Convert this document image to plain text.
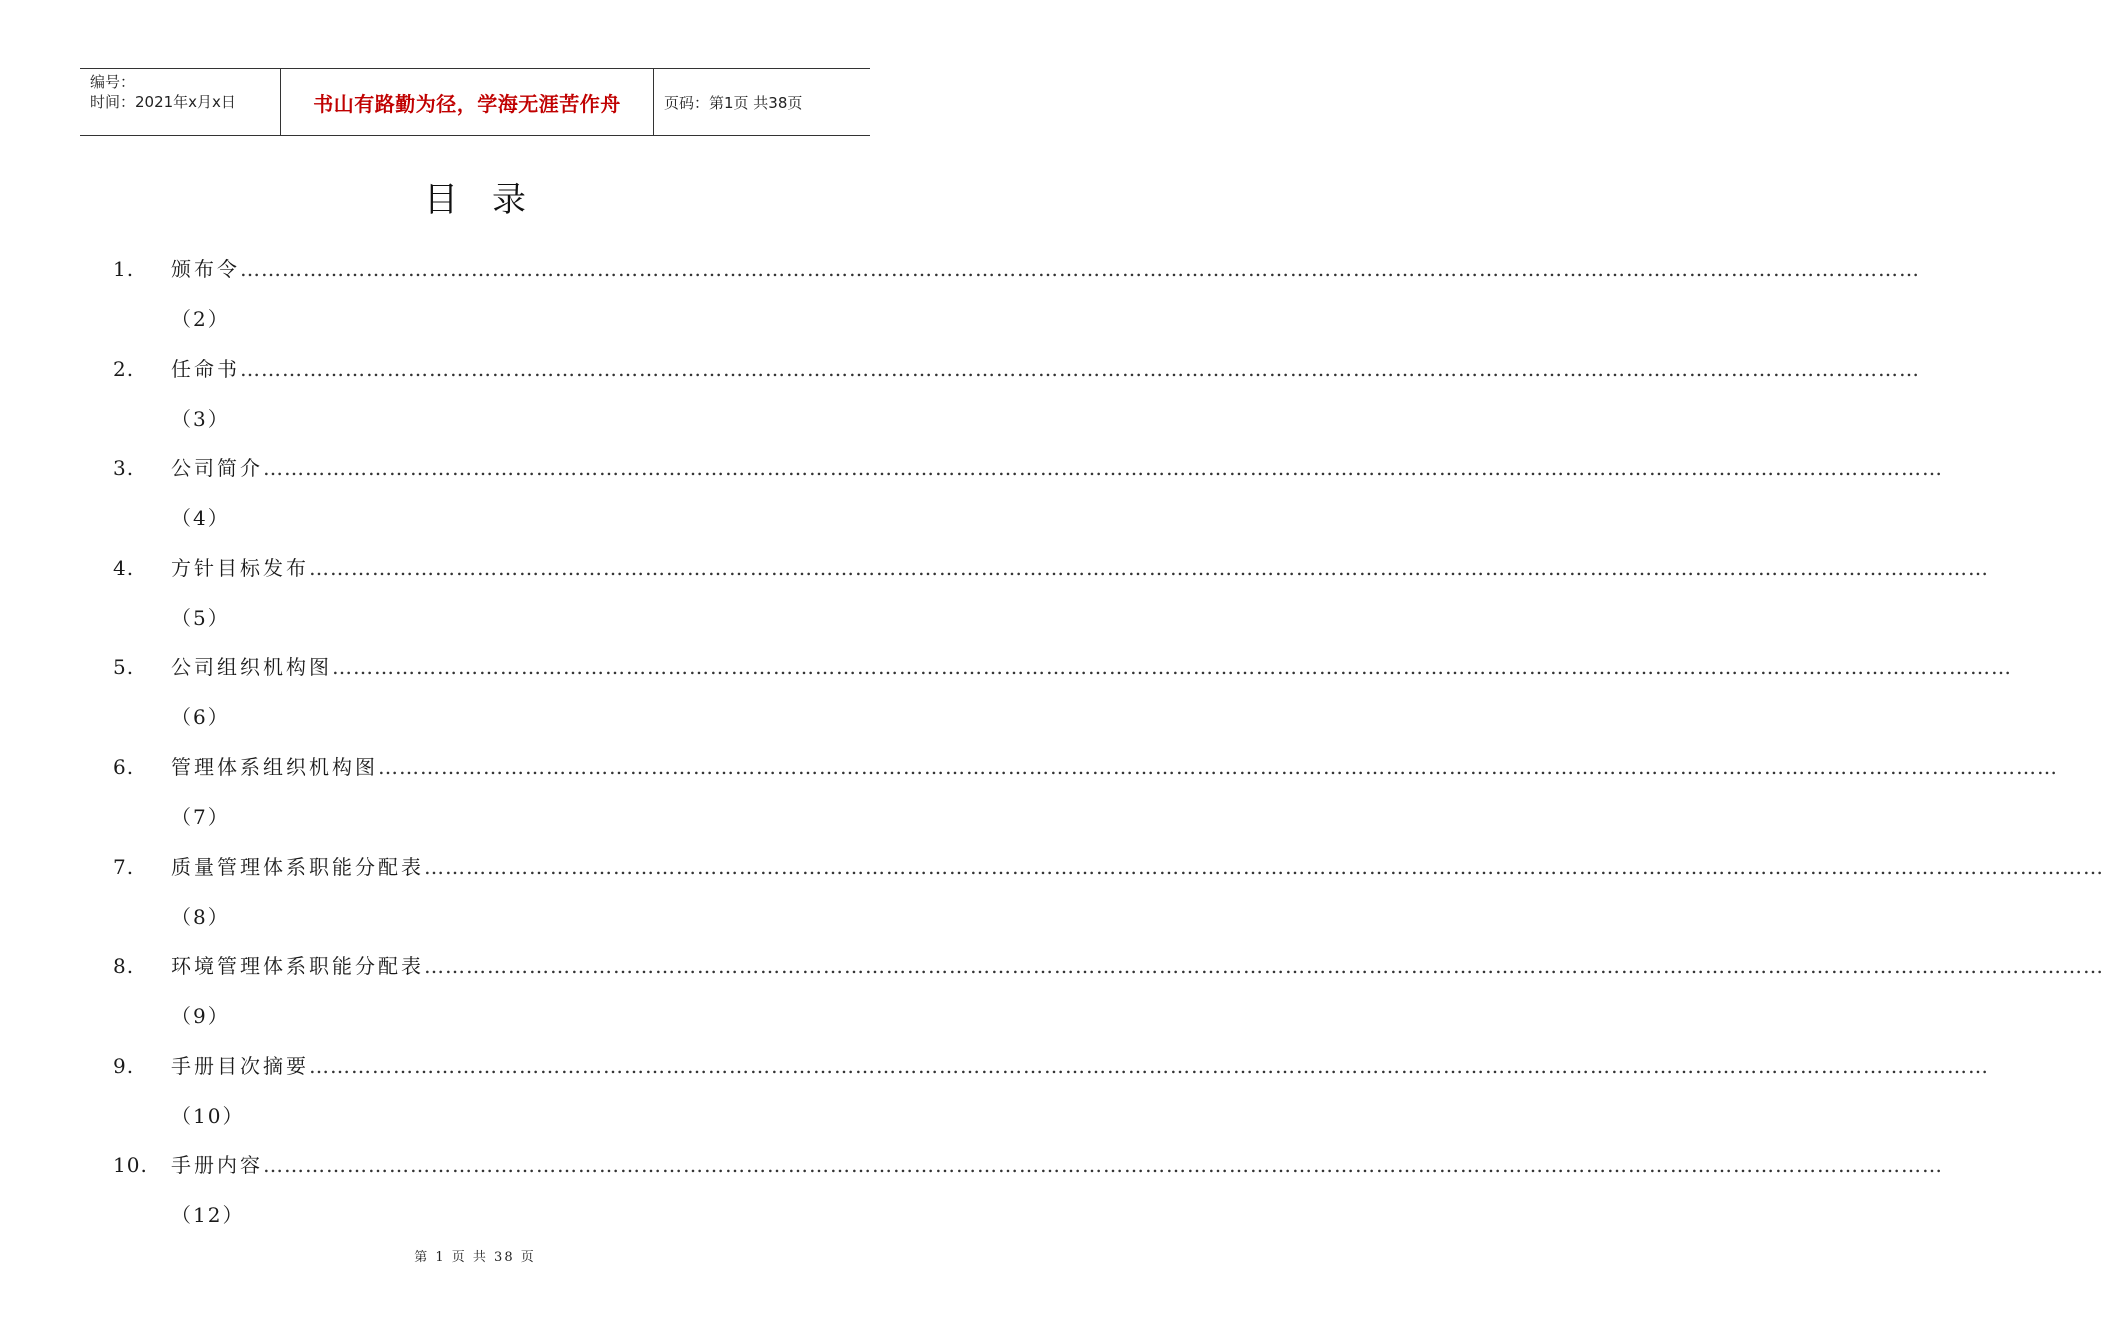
编号：
时间：2021年x月x日	书山有路勤为径，学海无涯苦作舟	页码：第1页 共38页
目录
1.	颁布令 ……………………………………………………………………………………………………………………………………………………………………………………………………………………
（2）
2.	任命书 ……………………………………………………………………………………………………………………………………………………………………………………………………………………
（3）
3.	公司简介 ……………………………………………………………………………………………………………………………………………………………………………………………………………………
（4）
4.	方针目标发布 ……………………………………………………………………………………………………………………………………………………………………………………………………………………
（5）
5.	公司组织机构图 ……………………………………………………………………………………………………………………………………………………………………………………………………………………
（6）
6.	管理体系组织机构图 ……………………………………………………………………………………………………………………………………………………………………………………………………………………
（7）
7.	质量管理体系职能分配表 ……………………………………………………………………………………………………………………………………………………………………………………………………………………
（8）
8.	环境管理体系职能分配表 ……………………………………………………………………………………………………………………………………………………………………………………………………………………
（9）
9.	手册目次摘要 ……………………………………………………………………………………………………………………………………………………………………………………………………………………
（10）
10.	手册内容 ……………………………………………………………………………………………………………………………………………………………………………………………………………………
（12）
第 1 页 共 38 页
